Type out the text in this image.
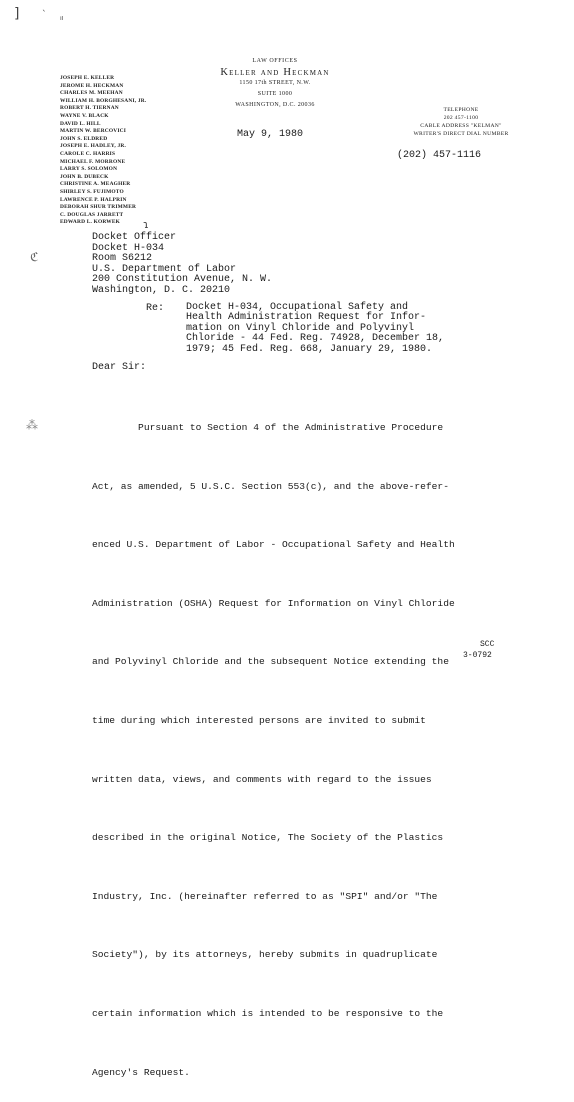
]	ˋ ᵢₗ
LAW OFFICES
Keller and Heckman
1150 17th STREET, N.W.
SUITE 1000
WASHINGTON, D.C. 20036
JOSEPH E. KELLER
JEROME H. HECKMAN
CHARLES M. MEEHAN
WILLIAM H. BORGHESANI, JR.
ROBERT H. TIERNAN
WAYNE V. BLACK
DAVID L. HILL
MARTIN W. BERCOVICI
JOHN S. ELDRED
JOSEPH E. HADLEY, JR.
CAROLE C. HARRIS
MICHAEL F. MORRONE
LARRY S. SOLOMON
JOHN B. DUBECK
CHRISTINE A. MEAGHER
SHIRLEY S. FUJIMOTO
LAWRENCE P. HALPRIN
DEBORAH SHUR TRIMMER
C. DOUGLAS JARRETT
EDWARD L. KORWEK
TELEPHONE
202 457-1100
CABLE ADDRESS "KELMAN"
WRITER'S DIRECT DIAL NUMBER
May 9, 1980
(202) 457-1116
ɿ
ℭ
Docket Officer
Docket H-034
Room S6212
U.S. Department of Labor
200 Constitution Avenue, N. W.
Washington, D. C. 20210
Re: Docket H-034, Occupational Safety and
Health Administration Request for Infor-
mation on Vinyl Chloride and Polyvinyl
Chloride - 44 Fed. Reg. 74928, December 18,
1979; 45 Fed. Reg. 668, January 29, 1980.
Dear Sir:

Pursuant to Section 4 of the Administrative Procedure

Act, as amended, 5 U.S.C. Section 553(c), and the above-refer-

enced U.S. Department of Labor - Occupational Safety and Health

Administration (OSHA) Request for Information on Vinyl Chloride

and Polyvinyl Chloride and the subsequent Notice extending the

time during which interested persons are invited to submit

written data, views, and comments with regard to the issues

described in the original Notice, The Society of the Plastics

Industry, Inc. (hereinafter referred to as "SPI" and/or "The

Society"), by its attorneys, hereby submits in quadruplicate

certain information which is intended to be responsive to the

Agency's Request.

⁂
SCC
3-0792
